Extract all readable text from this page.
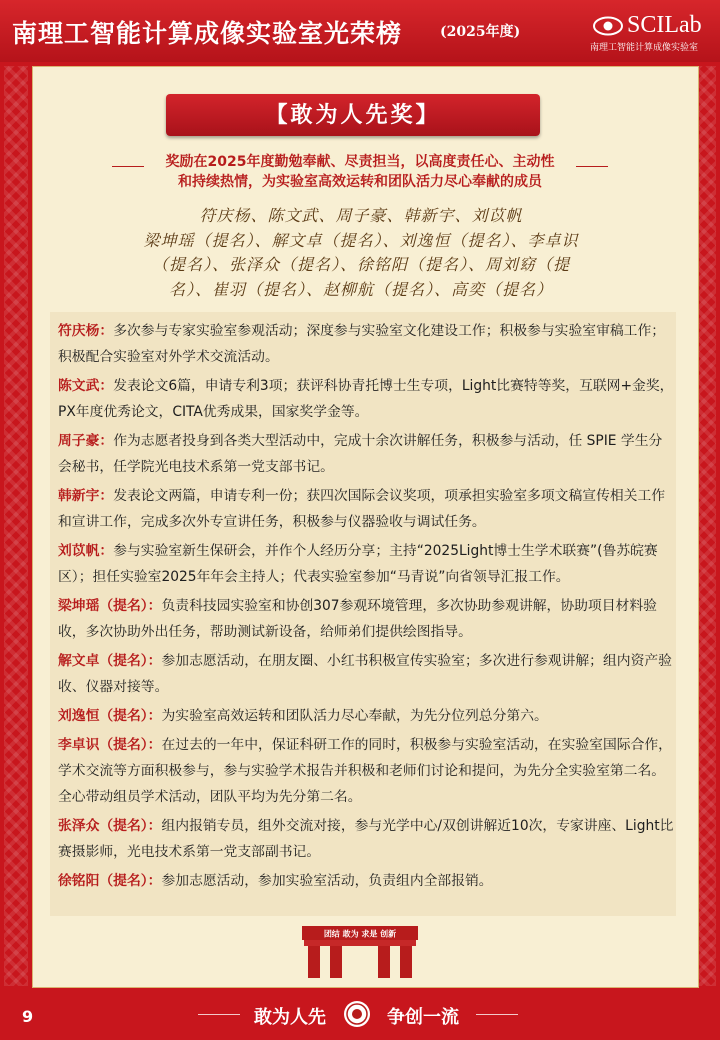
南理工智能计算成像实验室光荣榜	(2025年度)	SCILab
南理工智能计算成像实验室
【敢为人先奖】
奖励在2025年度勤勉奉献、尽责担当，以高度责任心、主动性
和持续热情，为实验室高效运转和团队活力尽心奉献的成员
符庆杨、陈文武、周子豪、韩新宇、刘苡帆
梁坤瑶（提名）、解文卓（提名）、刘逸恒（提名）、李卓识
（提名）、张泽众（提名）、徐铭阳（提名）、周刘窈（提
名）、崔羽（提名）、赵柳航（提名）、高奕（提名）
符庆杨：多次参与专家实验室参观活动；深度参与实验室文化建设工作；积极参与实验室审稿工作；积极配合实验室对外学术交流活动。
陈文武：发表论文6篇，申请专利3项；获评科协青托博士生专项，Light比赛特等奖，互联网+金奖，PX年度优秀论文，CITA优秀成果，国家奖学金等。
周子豪：作为志愿者投身到各类大型活动中，完成十余次讲解任务，积极参与活动，任 SPIE 学生分会秘书，任学院光电技术系第一党支部书记。
韩新宇：发表论文两篇，申请专利一份；获四次国际会议奖项，项承担实验室多项文稿宣传相关工作和宣讲工作，完成多次外专宣讲任务，积极参与仪器验收与调试任务。
刘苡帆：参与实验室新生保研会，并作个人经历分享；主持“2025Light博士生学术联赛”(鲁苏皖赛区）；担任实验室2025年年会主持人；代表实验室参加“马青说”向省领导汇报工作。
梁坤瑶（提名）：负责科技园实验室和协创307参观环境管理，多次协助参观讲解，协助项目材料验收，多次协助外出任务，帮助测试新设备，给师弟们提供绘图指导。
解文卓（提名）：参加志愿活动，在朋友圈、小红书积极宣传实验室；多次进行参观讲解；组内资产验收、仪器对接等。
刘逸恒（提名）：为实验室高效运转和团队活力尽心奉献，为先分位列总分第六。
李卓识（提名）：在过去的一年中，保证科研工作的同时，积极参与实验室活动，在实验室国际合作，学术交流等方面积极参与，参与实验学术报告并积极和老师们讨论和提问，为先分全实验室第二名。全心带动组员学术活动，团队平均为先分第二名。
张泽众（提名）：组内报销专员，组外交流对接，参与光学中心/双创讲解近10次，专家讲座、Light比赛摄影师，光电技术系第一党支部副书记。
徐铭阳（提名）：参加志愿活动，参加实验室活动，负责组内全部报销。
团结 敢为 求是 创新
9	敢为人先	争创一流
